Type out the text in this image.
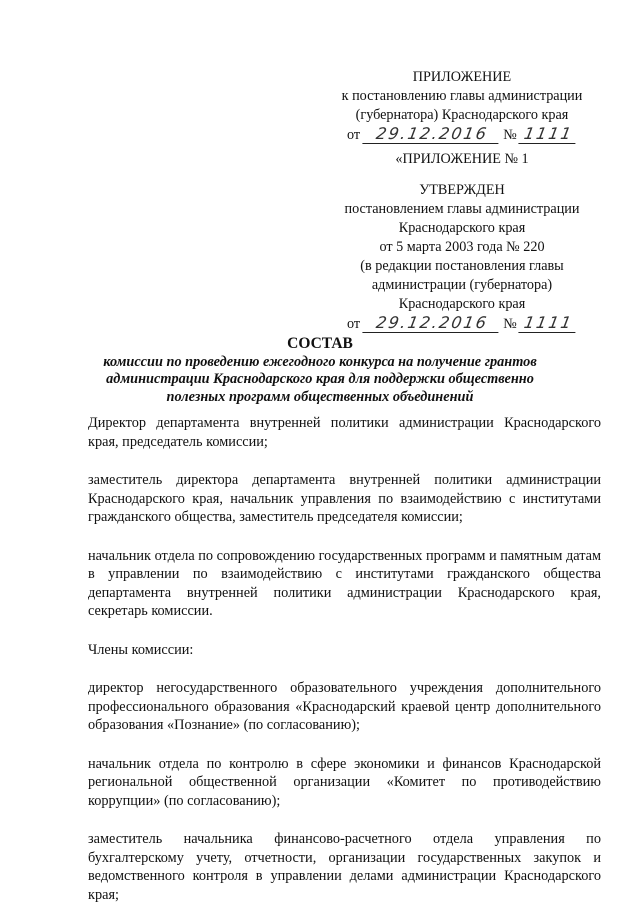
ПРИЛОЖЕНИЕ
к постановлению главы администрации
(губернатора) Краснодарского края
от 29.12.2016 № 1111
«ПРИЛОЖЕНИЕ № 1
УТВЕРЖДЕН
постановлением главы администрации
Краснодарского края
от 5 марта 2003 года № 220
(в редакции постановления главы
администрации (губернатора)
Краснодарского края
от 29.12.2016 № 1111
СОСТАВ
комиссии по проведению ежегодного конкурса на получение грантов
администрации Краснодарского края для поддержки общественно
полезных программ общественных объединений

Директор департамента внутренней политики администрации Краснодарского края, председатель комиссии;

заместитель директора департамента внутренней политики администрации Краснодарского края, начальник управления по взаимодействию с институтами гражданского общества, заместитель председателя комиссии;

начальник отдела по сопровождению государственных программ и памятным датам в управлении по взаимодействию с институтами гражданского общества департамента внутренней политики администрации Краснодарского края, секретарь комиссии.

Члены комиссии:

директор негосударственного образовательного учреждения дополнительного профессионального образования «Краснодарский краевой центр дополнительного образования «Познание» (по согласованию);

начальник отдела по контролю в сфере экономики и финансов Краснодарской региональной общественной организации «Комитет по противодействию коррупции» (по согласованию);

заместитель начальника финансово-расчетного отдела управления по бухгалтерскому учету, отчетности, организации государственных закупок и ведомственного контроля в управлении делами администрации Краснодарского края;
